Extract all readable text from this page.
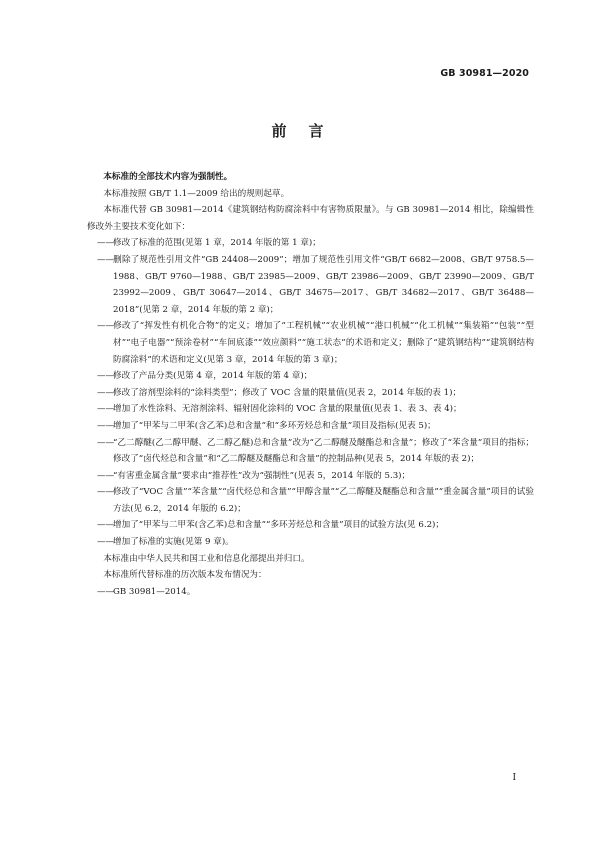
GB 30981—2020
前言

本标准的全部技术内容为强制性。

本标准按照 GB/T 1.1—2009 给出的规则起草。

本标准代替 GB 30981—2014《建筑钢结构防腐涂料中有害物质限量》。与 GB 30981—2014 相比，除编辑性修改外主要技术变化如下：

——修改了标准的范围(见第 1 章，2014 年版的第 1 章)；

——删除了规范性引用文件“GB 24408—2009”；增加了规范性引用文件“GB/T 6682—2008、GB/T 9758.5—1988、GB/T 9760—1988、GB/T 23985—2009、GB/T 23986—2009、GB/T 23990—2009、GB/T 23992—2009、GB/T 30647—2014、GB/T 34675—2017、GB/T 34682—2017、GB/T 36488—2018”(见第 2 章，2014 年版的第 2 章)；

——修改了“挥发性有机化合物”的定义；增加了“工程机械”“农业机械”“港口机械”“化工机械”“集装箱”“包装”“型材”“电子电器”“预涂卷材”“车间底漆”“效应颜料”“施工状态”的术语和定义；删除了“建筑钢结构”“建筑钢结构防腐涂料”的术语和定义(见第 3 章，2014 年版的第 3 章)；

——修改了产品分类(见第 4 章，2014 年版的第 4 章)；

——修改了溶剂型涂料的“涂料类型”；修改了 VOC 含量的限量值(见表 2，2014 年版的表 1)；

——增加了水性涂料、无溶剂涂料、辐射固化涂料的 VOC 含量的限量值(见表 1、表 3、表 4)；

——增加了“甲苯与二甲苯(含乙苯)总和含量”和“多环芳烃总和含量”项目及指标(见表 5)；

——“乙二醇醚(乙二醇甲醚、乙二醇乙醚)总和含量”改为“乙二醇醚及醚酯总和含量”；修改了“苯含量”项目的指标；修改了“卤代烃总和含量”和“乙二醇醚及醚酯总和含量”的控制品种(见表 5，2014 年版的表 2)；

——“有害重金属含量”要求由“推荐性”改为“强制性”(见表 5，2014 年版的 5.3)；

——修改了“VOC 含量”“苯含量”“卤代烃总和含量”“甲醇含量”“乙二醇醚及醚酯总和含量”“重金属含量”项目的试验方法(见 6.2，2014 年版的 6.2)；

——增加了“甲苯与二甲苯(含乙苯)总和含量”“多环芳烃总和含量”项目的试验方法(见 6.2)；

——增加了标准的实施(见第 9 章)。

本标准由中华人民共和国工业和信息化部提出并归口。

本标准所代替标准的历次版本发布情况为：

——GB 30981—2014。

I
